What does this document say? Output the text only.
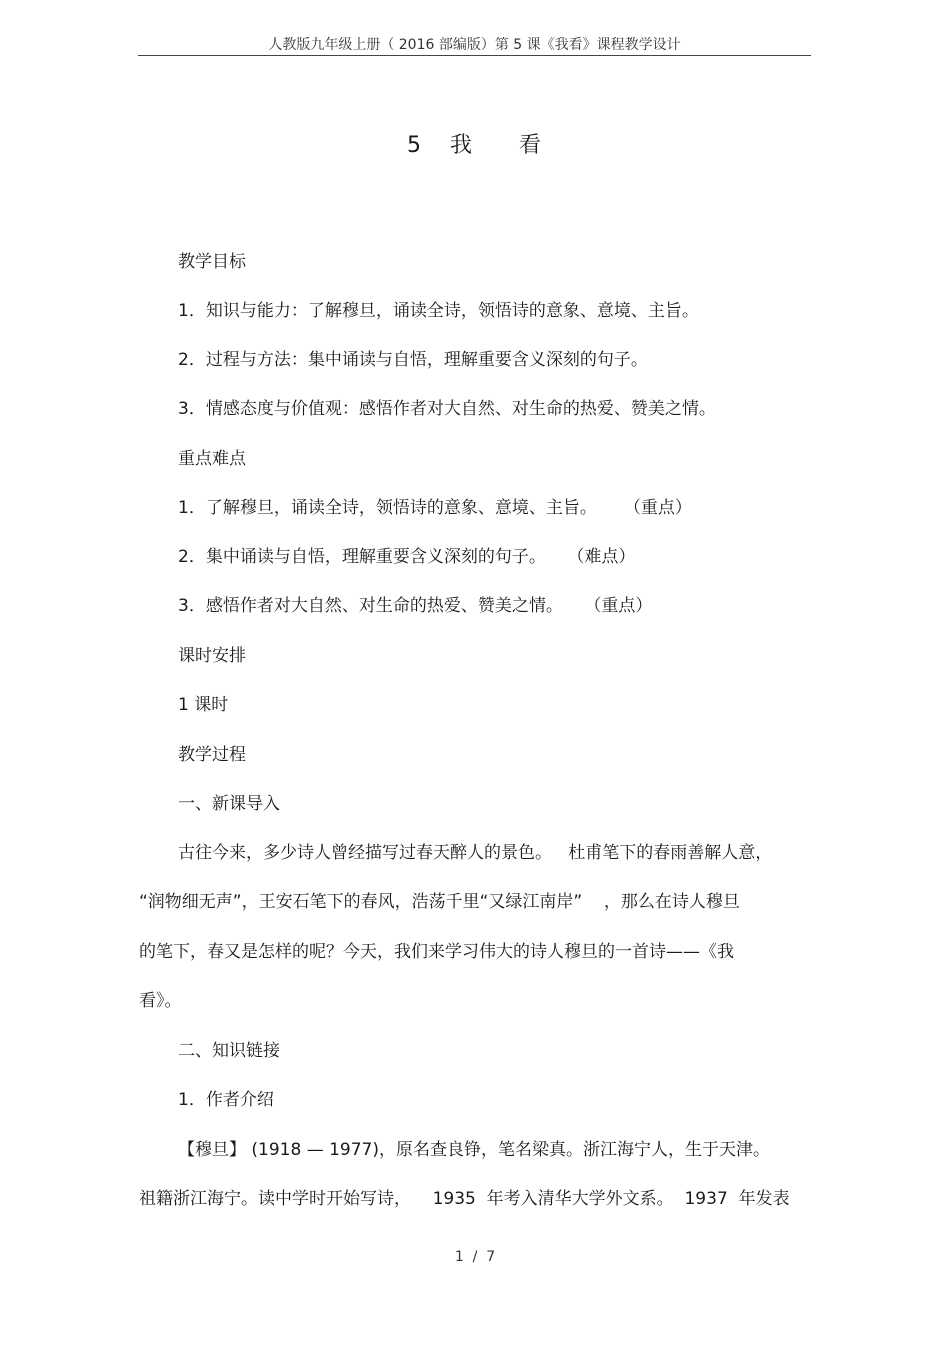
人教版九年级上册（ 2016 部编版）第 5 课《我看》课程教学设计
5   我     看
教学目标
1．知识与能力：了解穆旦，诵读全诗，领悟诗的意象、意境、主旨。
2．过程与方法：集中诵读与自悟，理解重要含义深刻的句子。
3．情感态度与价值观：感悟作者对大自然、对生命的热爱、赞美之情。
重点难点
1．了解穆旦，诵读全诗，领悟诗的意象、意境、主旨。     （重点）
2．集中诵读与自悟，理解重要含义深刻的句子。    （难点）
3．感悟作者对大自然、对生命的热爱、赞美之情。    （重点）
课时安排
1 课时
教学过程
一、新课导入
古往今来，多少诗人曾经描写过春天醉人的景色。   杜甫笔下的春雨善解人意，
“润物细无声”，王安石笔下的春风，浩荡千里“又绿江南岸”    ，那么在诗人穆旦
的笔下，春又是怎样的呢？今天，我们来学习伟大的诗人穆旦的一首诗——《我
看》。
二、知识链接
1．作者介绍
【穆旦】 (1918 — 1977)，原名查良铮，笔名梁真。浙江海宁人，生于天津。
祖籍浙江海宁。读中学时开始写诗，    1935  年考入清华大学外文系。  1937  年发表
1  /  7
